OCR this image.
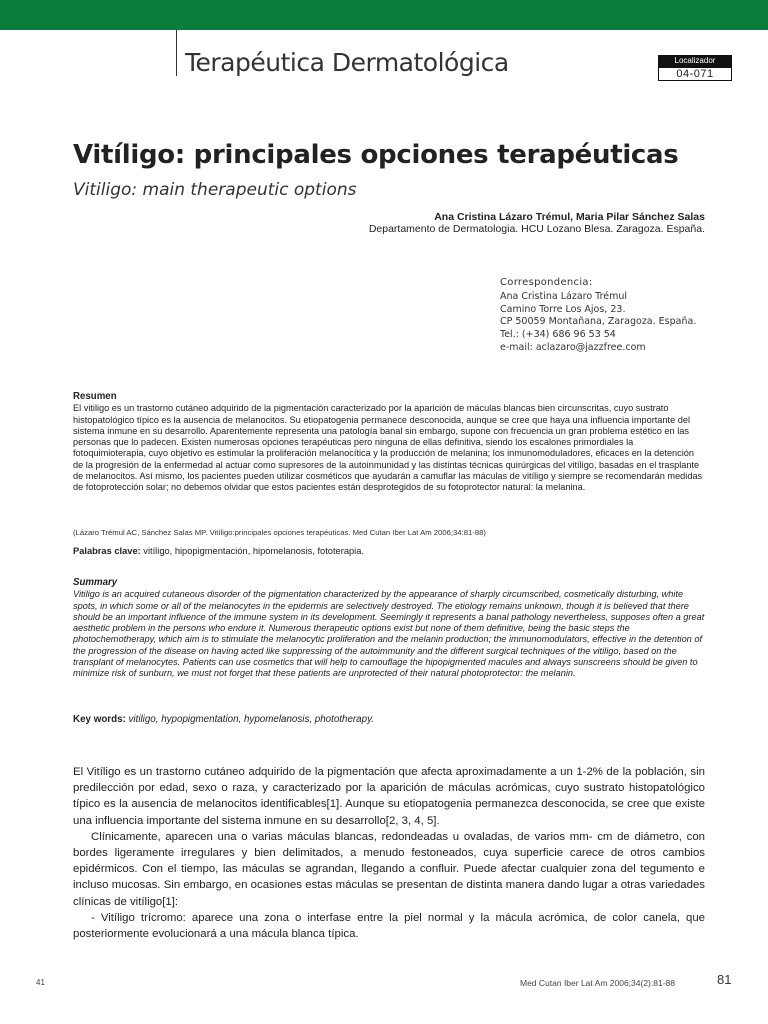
Terapéutica Dermatológica	Localizador
04-071
Vitíligo: principales opciones terapéuticas
Vitiligo: main therapeutic options
Ana Cristina Lázaro Trémul, Maria Pilar Sánchez Salas
Departamento de Dermatologia. HCU Lozano Blesa. Zaragoza. España.
Correspondencia:
Ana Cristina Lázaro Trémul
Camino Torre Los Ajos, 23.
CP 50059 Montañana, Zaragoza. España.
Tel.: (+34) 686 96 53 54
e-mail: aclazaro@jazzfree.com
Resumen

El vitiligo es un trastorno cutáneo adquirido de la pigmentación caracterizado por la aparición de máculas blancas bien circunscritas, cuyo sustrato histopatológico típico es la ausencia de melanocitos. Su etiopatogenia permanece desconocida, aunque se cree que haya una influencia importante del sistema inmune en su desarrollo. Aparentemente representa una patología banal sin embargo, supone con frecuencia un gran problema estético en las personas que lo padecen. Existen numerosas opciones terapéuticas pero ninguna de ellas definitiva, siendo los escalones primordiales la fotoquimioterapia, cuyo objetivo es estimular la proliferación melanocítica y la producción de melanina; los inmunomoduladores, eficaces en la detención de la progresión de la enfermedad al actuar como supresores de la autoinmunidad y las distintas técnicas quirúrgicas del vitíligo, basadas en el trasplante de melanocitos. Así mismo, los pacientes pueden utilizar cosméticos que ayudarán a camuflar las máculas de vitíligo y siempre se recomendarán medidas de fotoprotección solar; no debemos olvidar que estos pacientes están desprotegidos de su fotoprotector natural: la melanina.

(Lázaro Trémul AC, Sánchez Salas MP. Vitíligo:principales opciones terapéuticas. Med Cutan Iber Lat Am 2006;34:81-88)
Palabras clave: vitíligo, hipopigmentación, hipomelanosis, fototerapia.
Summary

Vitiligo is an acquired cutaneous disorder of the pigmentation characterized by the appearance of sharply circumscribed, cosmetically disturbing, white spots, in which some or all of the melanocytes in the epidermis are selectively destroyed. The etiology remains unknown, though it is believed that there should be an important influence of the immune system in its development. Seemingly it represents a banal pathology nevertheless, supposes often a great aesthetic problem in the persons who endure it. Numerous therapeutic options exist but none of them definitive, being the basic steps the photochemotherapy, which aim is to stimulate the melanocytic proliferation and the melanin production; the immunomodulators, effective in the detention of the progression of the disease on having acted like suppressing of the autoimmunity and the different surgical techniques of the vitiligo, based on the transplant of melanocytes. Patients can use cosmetics that will help to camouflage the hipopigmented macules and always sunscreens should be given to minimize risk of sunburn, we must not forget that these patients are unprotected of their natural photoprotector: the melanin.

Key words: vitiligo, hypopigmentation, hypomelanosis, phototherapy.

El Vitíligo es un trastorno cutáneo adquirido de la pigmentación que afecta aproximadamente a un 1-2% de la población, sin predilección por edad, sexo o raza, y caracterizado por la aparición de máculas acrómicas, cuyo sustrato histopatológico típico es la ausencia de melanocitos identificables[1]. Aunque su etiopatogenia permanezca desconocida, se cree que existe una influencia importante del sistema inmune en su desarrollo[2, 3, 4, 5].

Clínicamente, aparecen una o varias máculas blancas, redondeadas u ovaladas, de varios mm- cm de diámetro, con bordes ligeramente irregulares y bien delimitados, a menudo festoneados, cuya superficie carece de otros cambios epidérmicos. Con el tiempo, las máculas se agrandan, llegando a confluir. Puede afectar cualquier zona del tegumento e incluso mucosas. Sin embargo, en ocasiones estas máculas se presentan de distinta manera dando lugar a otras variedades clínicas de vitíligo[1]:

- Vitíligo trícromo: aparece una zona o interfase entre la piel normal y la mácula acrómica, de color canela, que posteriormente evolucionará a una mácula blanca típica.

41	Med Cutan Iber Lat Am 2006;34(2):81-88	81
